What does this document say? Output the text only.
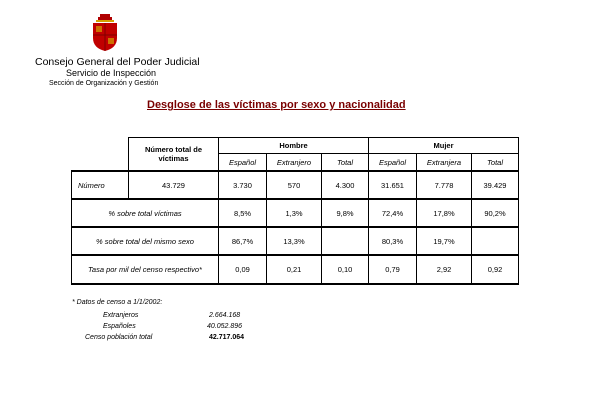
Consejo General del Poder Judicial
Servicio de Inspección
Sección de Organización y Gestión
Desglose de las víctimas por sexo y nacionalidad
	Número total de víctimas	Hombre			Mujer		
		Español	Extranjero	Total	Español	Extranjera	Total
Número	43.729	3.730	570	4.300	31.651	7.778	39.429
% sobre total víctimas		8,5%	1,3%	9,8%	72,4%	17,8%	90,2%
% sobre total del mismo sexo		86,7%	13,3%		80,3%	19,7%	
Tasa por mil del censo respectivo*		0,09	0,21	0,10	0,79	2,92	0,92
* Datos de censo a 1/1/2002:
Extranjeros	2.664.168
Españoles	40.052.896
Censo población total	42.717.064
